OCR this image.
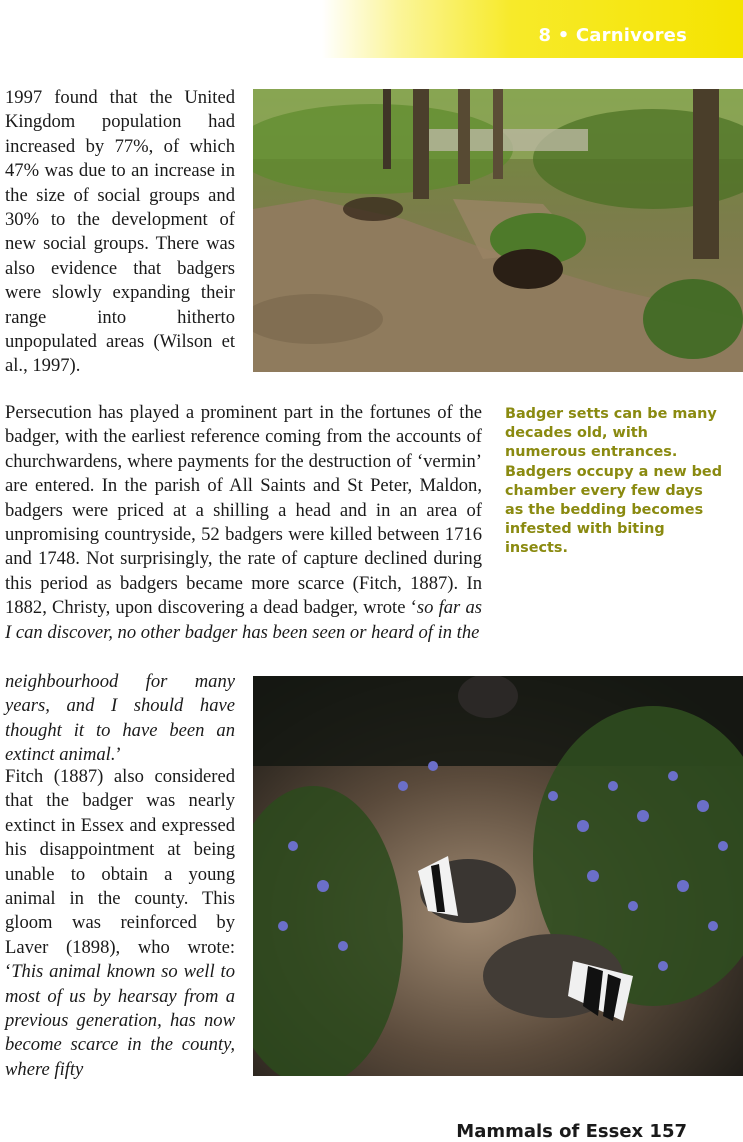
8 • Carnivores

1997 found that the United Kingdom population had increased by 77%, of which 47% was due to an increase in the size of social groups and 30% to the development of new social groups. There was also evidence that badgers were slowly expanding their range into hitherto unpopulated areas (Wilson et al., 1997).

Persecution has played a prominent part in the fortunes of the badger, with the earliest reference coming from the accounts of churchwardens, where payments for the destruction of ‘vermin’ are entered. In the parish of All Saints and St Peter, Maldon, badgers were priced at a shilling a head and in an area of unpromising countryside, 52 badgers were killed between 1716 and 1748. Not surprisingly, the rate of capture declined during this period as badgers became more scarce (Fitch, 1887). In 1882, Christy, upon discovering a dead badger, wrote ‘so far as I can discover, no other badger has been seen or heard of in the

neighbourhood for many years, and I should have thought it to have been an extinct animal.’

Badger setts can be many decades old, with numerous entrances. Badgers occupy a new bed chamber every few days as the bedding becomes infested with biting insects.

Fitch (1887) also considered that the badger was nearly extinct in Essex and expressed his disappointment at being unable to obtain a young animal in the county. This gloom was reinforced by Laver (1898), who wrote: ‘This animal known so well to most of us by hearsay from a previous generation, has now become scarce in the county, where fifty

Mammals of Essex 157
